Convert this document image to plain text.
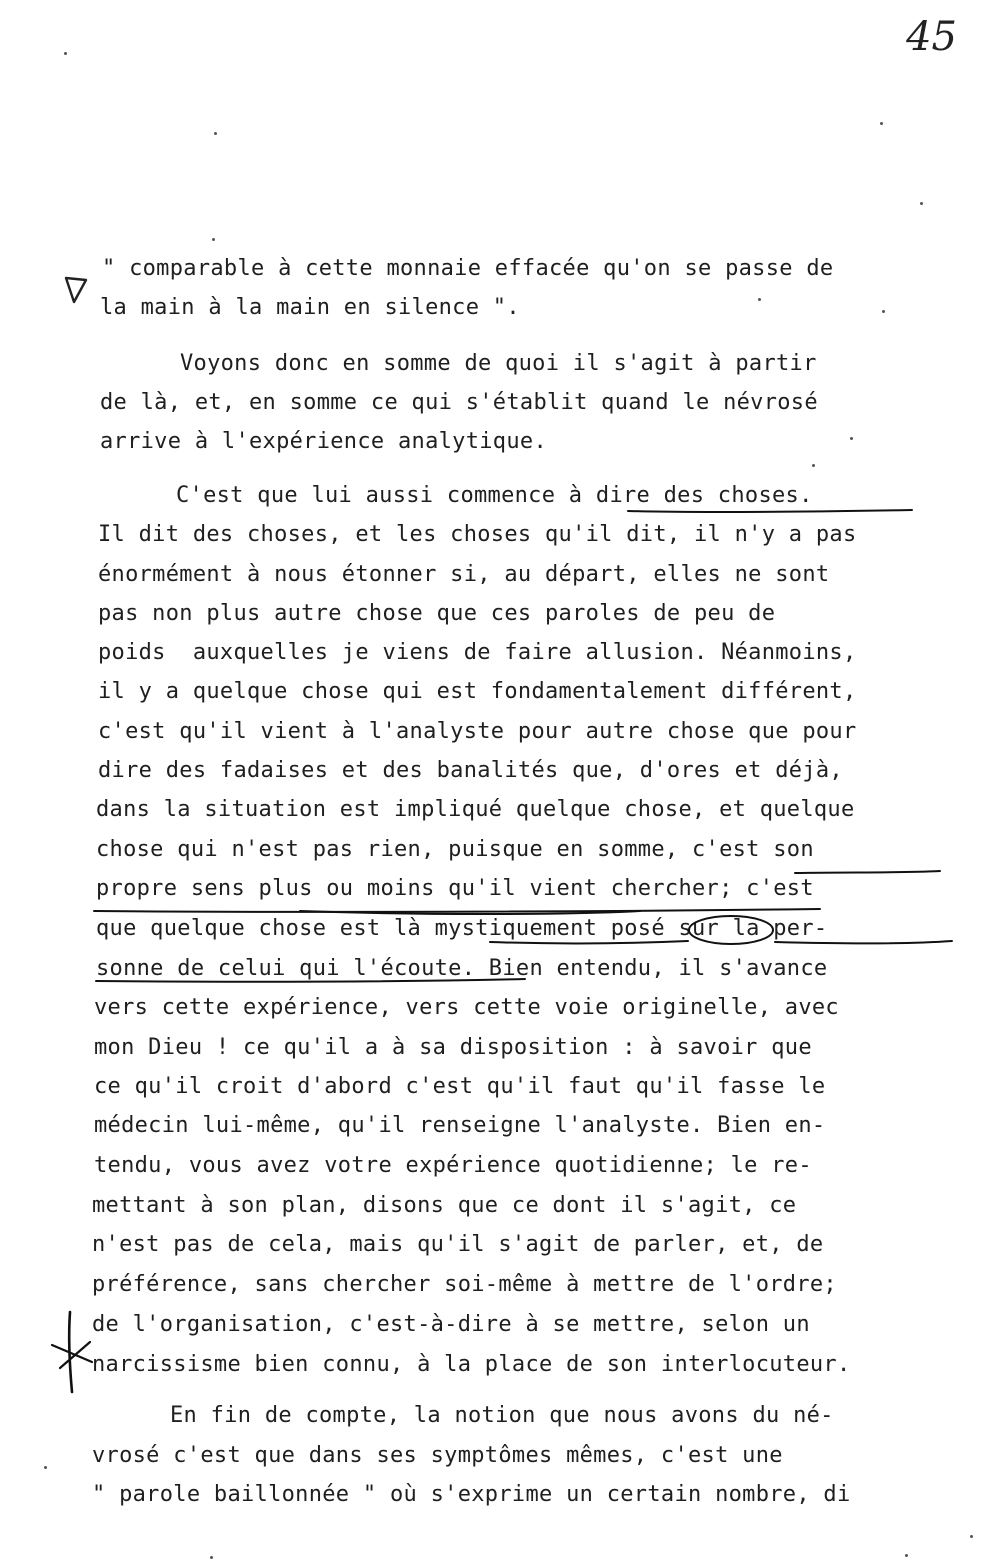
45
" comparable à cette monnaie effacée qu'on se passe de
la main à la main en silence ".
Voyons donc en somme de quoi il s'agit à partir
de là, et, en somme ce qui s'établit quand le névrosé
arrive à l'expérience analytique.
C'est que lui aussi commence à dire des choses.
Il dit des choses, et les choses qu'il dit, il n'y a pas
énormément à nous étonner si, au départ, elles ne sont
pas non plus autre chose que ces paroles de peu de
poids  auxquelles je viens de faire allusion. Néanmoins,
il y a quelque chose qui est fondamentalement différent,
c'est qu'il vient à l'analyste pour autre chose que pour
dire des fadaises et des banalités que, d'ores et déjà,
dans la situation est impliqué quelque chose, et quelque
chose qui n'est pas rien, puisque en somme, c'est son
propre sens plus ou moins qu'il vient chercher; c'est
que quelque chose est là mystiquement posé sur la per-
sonne de celui qui l'écoute. Bien entendu, il s'avance
vers cette expérience, vers cette voie originelle, avec
mon Dieu ! ce qu'il a à sa disposition : à savoir que
ce qu'il croit d'abord c'est qu'il faut qu'il fasse le
médecin lui-même, qu'il renseigne l'analyste. Bien en-
tendu, vous avez votre expérience quotidienne; le re-
mettant à son plan, disons que ce dont il s'agit, ce
n'est pas de cela, mais qu'il s'agit de parler, et, de
préférence, sans chercher soi-même à mettre de l'ordre;
de l'organisation, c'est-à-dire à se mettre, selon un
narcissisme bien connu, à la place de son interlocuteur.
En fin de compte, la notion que nous avons du né-
vrosé c'est que dans ses symptômes mêmes, c'est une
" parole baillonnée " où s'exprime un certain nombre, di
